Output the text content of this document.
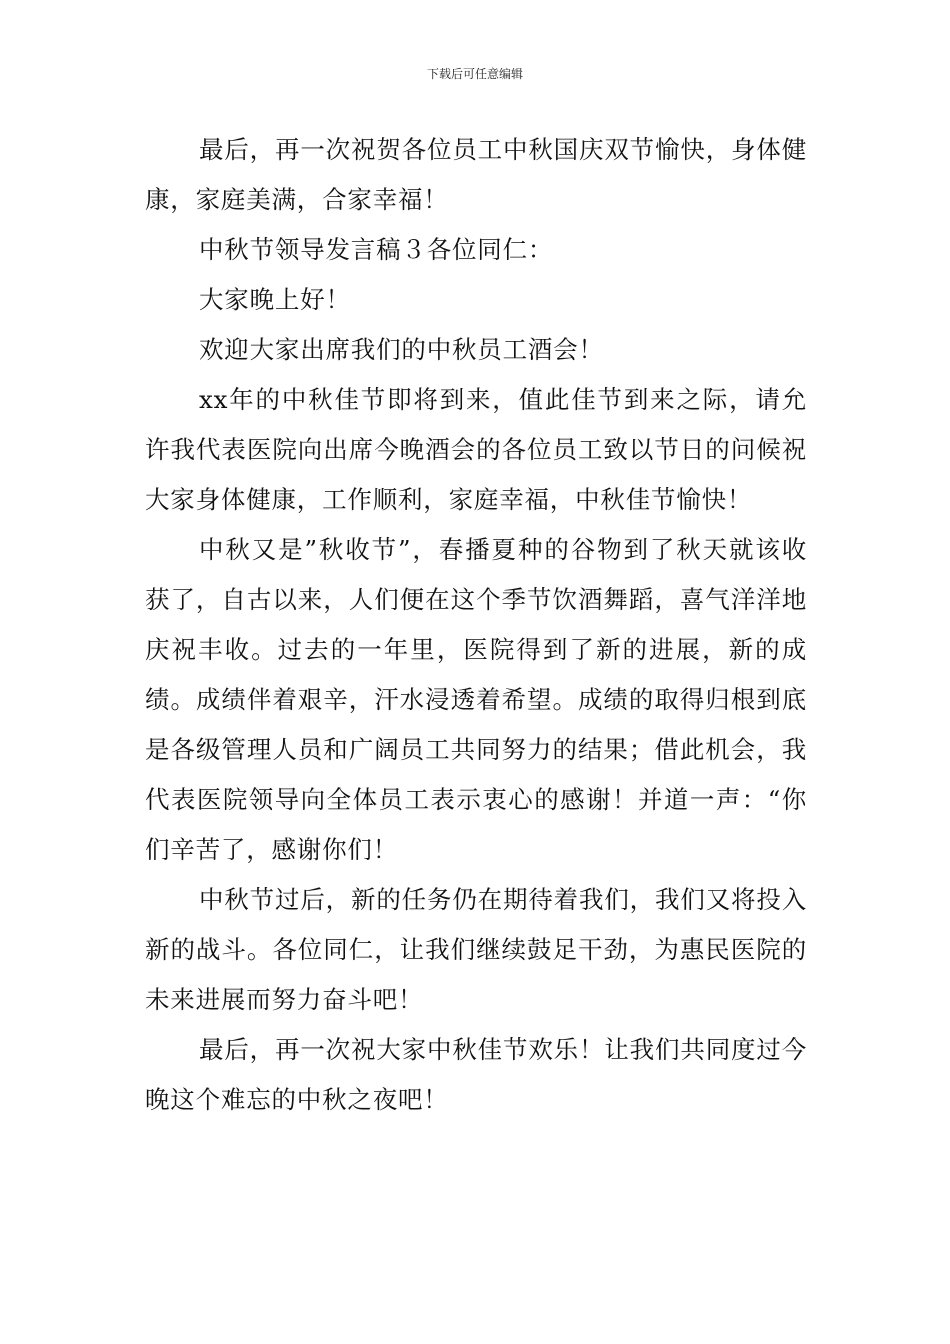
下载后可任意编辑

最后，再一次祝贺各位员工中秋国庆双节愉快，身体健康，家庭美满，合家幸福！

中秋节领导发言稿３各位同仁：

大家晚上好！

欢迎大家出席我们的中秋员工酒会！

xx年的中秋佳节即将到来，值此佳节到来之际，请允许我代表医院向出席今晚酒会的各位员工致以节日的问候祝大家身体健康，工作顺利，家庭幸福，中秋佳节愉快！

中秋又是”秋收节”，春播夏种的谷物到了秋天就该收获了，自古以来，人们便在这个季节饮酒舞蹈，喜气洋洋地庆祝丰收。过去的一年里，医院得到了新的进展，新的成绩。成绩伴着艰辛，汗水浸透着希望。成绩的取得归根到底是各级管理人员和广阔员工共同努力的结果；借此机会，我代表医院领导向全体员工表示衷心的感谢！并道一声：“你们辛苦了，感谢你们！

中秋节过后，新的任务仍在期待着我们，我们又将投入新的战斗。各位同仁，让我们继续鼓足干劲，为惠民医院的未来进展而努力奋斗吧！

最后，再一次祝大家中秋佳节欢乐！让我们共同度过今晚这个难忘的中秋之夜吧！
